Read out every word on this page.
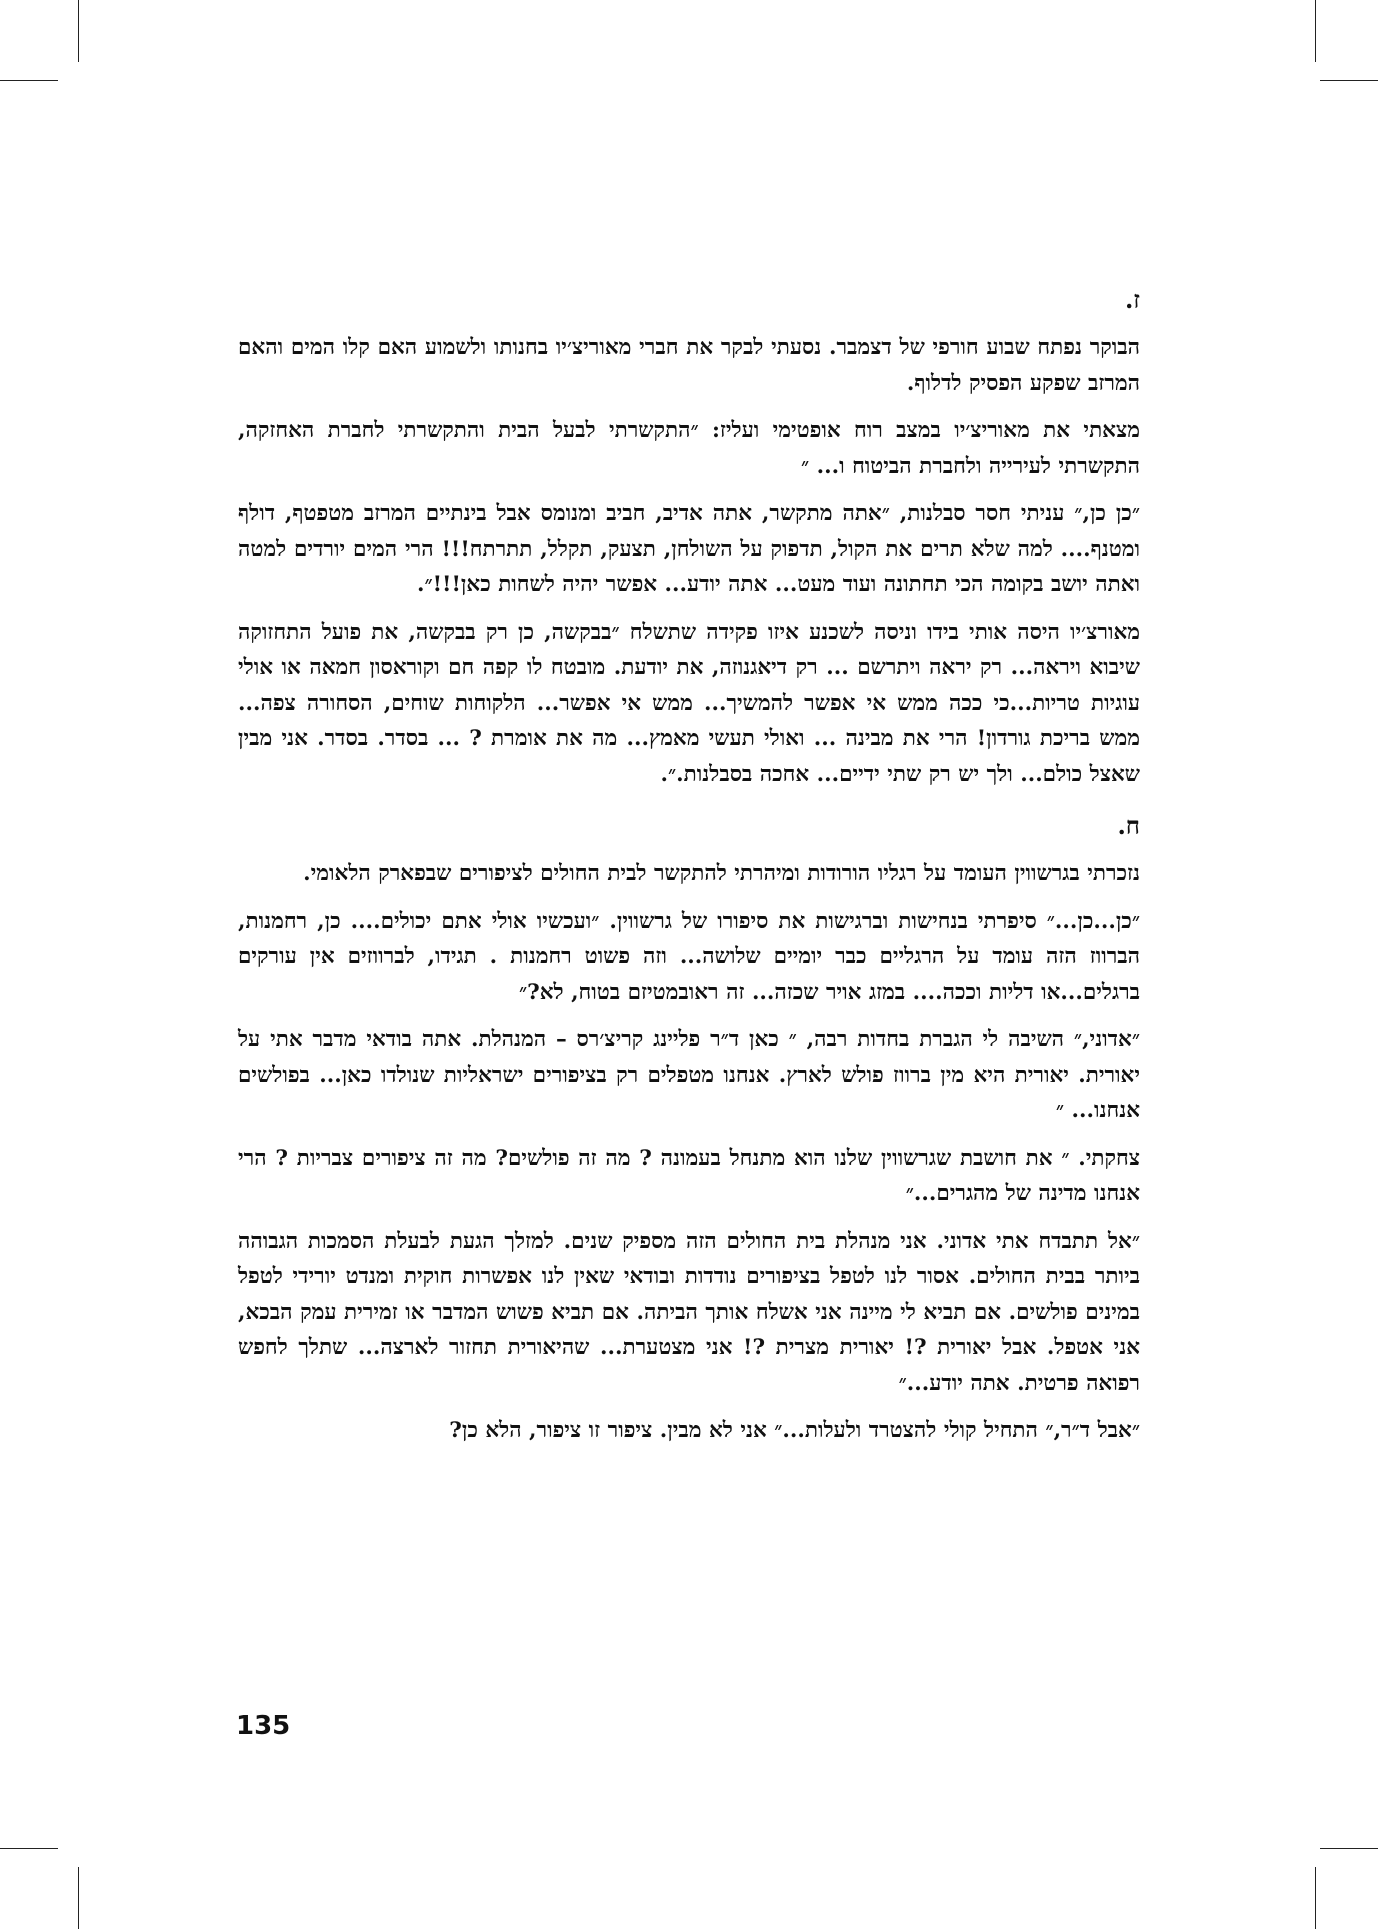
ז.

הבוקר נפתח שבוע חורפי של דצמבר. נסעתי לבקר את חברי מאוריצ׳יו בחנותו ולשמוע האם קלו המים והאם המרזב שפקע הפסיק לדלוף.

מצאתי את מאוריצ׳יו במצב רוח אופטימי ועליז: ״התקשרתי לבעל הבית והתקשרתי לחברת האחזקה, התקשרתי לעירייה ולחברת הביטוח ו... ״

״כן כן,״ עניתי חסר סבלנות, ״אתה מתקשר, אתה אדיב, חביב ומנומס אבל בינתיים המרזב מטפטף, דולף ומטנף.... למה שלא תרים את הקול, תדפוק על השולחן, תצעק, תקלל, תתרתח!!! הרי המים יורדים למטה ואתה יושב בקומה הכי תחתונה ועוד מעט... אתה יודע... אפשר יהיה לשחות כאן!!!״.

מאורצ׳יו היסה אותי בידו וניסה לשכנע איזו פקידה שתשלח ״בבקשה, כן רק בבקשה, את פועל התחזוקה שיבוא ויראה... רק יראה ויתרשם ... רק דיאגנוזה, את יודעת. מובטח לו קפה חם וקוראסון חמאה או אולי עוגיות טריות...כי ככה ממש אי אפשר להמשיך... ממש אי אפשר... הלקוחות שוחים, הסחורה צפה... ממש בריכת גורדון! הרי את מבינה ... ואולי תעשי מאמץ... מה את אומרת ? ... בסדר. בסדר. אני מבין שאצל כולם... ולך יש רק שתי ידיים... אחכה בסבלנות.״.

ח.

נזכרתי בגרשווין העומד על רגליו הורודות ומיהרתי להתקשר לבית החולים לציפורים שבפארק הלאומי.

״כן...כן...״ סיפרתי בנחישות וברגישות את סיפורו של גרשווין. ״ועכשיו אולי אתם יכולים.... כן, רחמנות, הברווז הזה עומד על הרגליים כבר יומיים שלושה... וזה פשוט רחמנות . תגידו, לברווזים אין עורקים ברגלים...או דליות וככה.... במזג אויר שכזה... זה ראובמטיזם בטוח, לא?״

״אדוני,״ השיבה לי הגברת בחדות רבה, ״ כאן ד״ר פליינג קריצ׳רס – המנהלת. אתה בודאי מדבר אתי על יאורית. יאורית היא מין ברווז פולש לארץ. אנחנו מטפלים רק בציפורים ישראליות שנולדו כאן... בפולשים אנחנו... ״

צחקתי. ״ את חושבת שגרשווין שלנו הוא מתנחל בעמונה ? מה זה פולשים? מה זה ציפורים צבריות ? הרי אנחנו מדינה של מהגרים...״

״אל תתבדח אתי אדוני. אני מנהלת בית החולים הזה מספיק שנים. למזלך הגעת לבעלת הסמכות הגבוהה ביותר בבית החולים. אסור לנו לטפל בציפורים נודדות ובודאי שאין לנו אפשרות חוקית ומנדט יורידי לטפל במינים פולשים. אם תביא לי מיינה אני אשלח אותך הביתה. אם תביא פשוש המדבר או זמירית עמק הבכא, אני אטפל. אבל יאורית ?! יאורית מצרית ?! אני מצטערת... שהיאורית תחזור לארצה... שתלך לחפש רפואה פרטית. אתה יודע...״

״אבל ד״ר,״ התחיל קולי להצטרד ולעלות...״ אני לא מבין. ציפור זו ציפור, הלא כן?

135
